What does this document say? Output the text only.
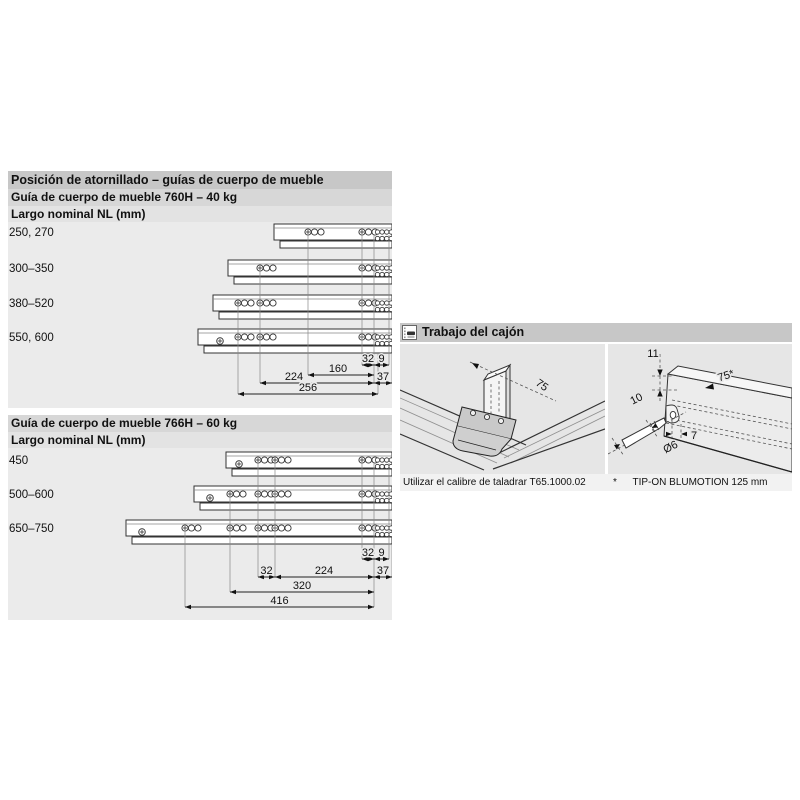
Posición de atornillado – guías de cuerpo de mueble
Guía de cuerpo de mueble 760H – 40 kg
Largo nominal NL (mm)
250, 270
300–350
380–520
550, 600
32 9
160
224	37
256
Guía de cuerpo de mueble 766H – 60 kg
Largo nominal NL (mm)
450
500–600
650–750
32 9
32	224	37
320
416
Trabajo del cajón
75
11
10
75*
7
Ø6
Utilizar el calibre de taladrar T65.1000.02	* TIP-ON BLUMOTION 125 mm
